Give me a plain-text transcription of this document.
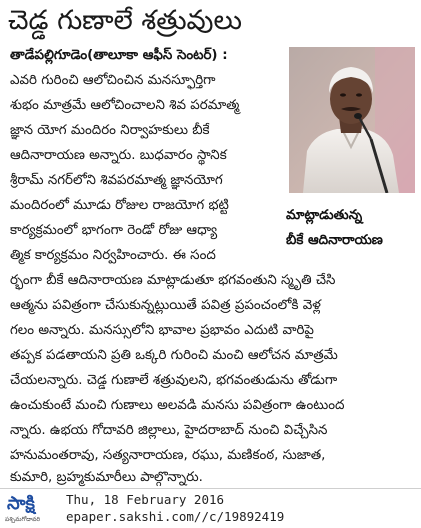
చెడ్డ గుణాలే శత్రువులు
తాడేపల్లిగూడెం(తాలూకా ఆఫీస్ సెంటర్) :
ఎవరి గురించి ఆలోచించిన మనస్ఫూర్తిగా
శుభం మాత్రమే ఆలోచించాలని శివ పరమాత్మ
జ్ఞాన యోగ మందిరం నిర్వాహకులు బీకే
ఆదినారాయణ అన్నారు. బుధవారం స్థానిక
శ్రీరామ్ నగర్‌లోని శివపరమాత్మ జ్ఞానయోగ
మందిరంలో మూడు రోజుల రాజయోగ భట్టి
కార్యక్రమంలో భాగంగా రెండో రోజు ఆధ్యా
త్మిక కార్యక్రమం నిర్వహించారు. ఈ సంద
ర్భంగా బీకే ఆదినారాయణ మాట్లాడుతూ భగవంతుని స్మృతి చేసి
ఆత్మను పవిత్రంగా చేసుకున్నట్లుయితే పవిత్ర ప్రపంచంలోకి వెళ్ల
గలం అన్నారు. మనస్సులోని భావాల ప్రభావం ఎదుటి వారిపై
తప్పక పడతాయని ప్రతి ఒక్కరి గురించి మంచి ఆలోచన మాత్రమే
చేయలన్నారు. చెడ్డ గుణాలే శత్రువులని, భగవంతుడును తోడుగా
ఉంచుకుంటే మంచి గుణాలు అలవడి మనసు పవిత్రంగా ఉంటుంద
న్నారు. ఉభయ గోదావరి జిల్లాలు, హైదరాబాద్ నుంచి విచ్చేసిన
హనుమంతరావు, సత్యనారాయణ, రఘు, మణికంఠ, సుజాత,
కుమారి, బ్రహ్మకుమారీలు పాల్గొన్నారు.
మాట్లాడుతున్న
బీకే ఆదినారాయణ
సాక్షి
పశ్చిమగోదావరి
Thu, 18 February 2016
epaper.sakshi.com//c/19892419
